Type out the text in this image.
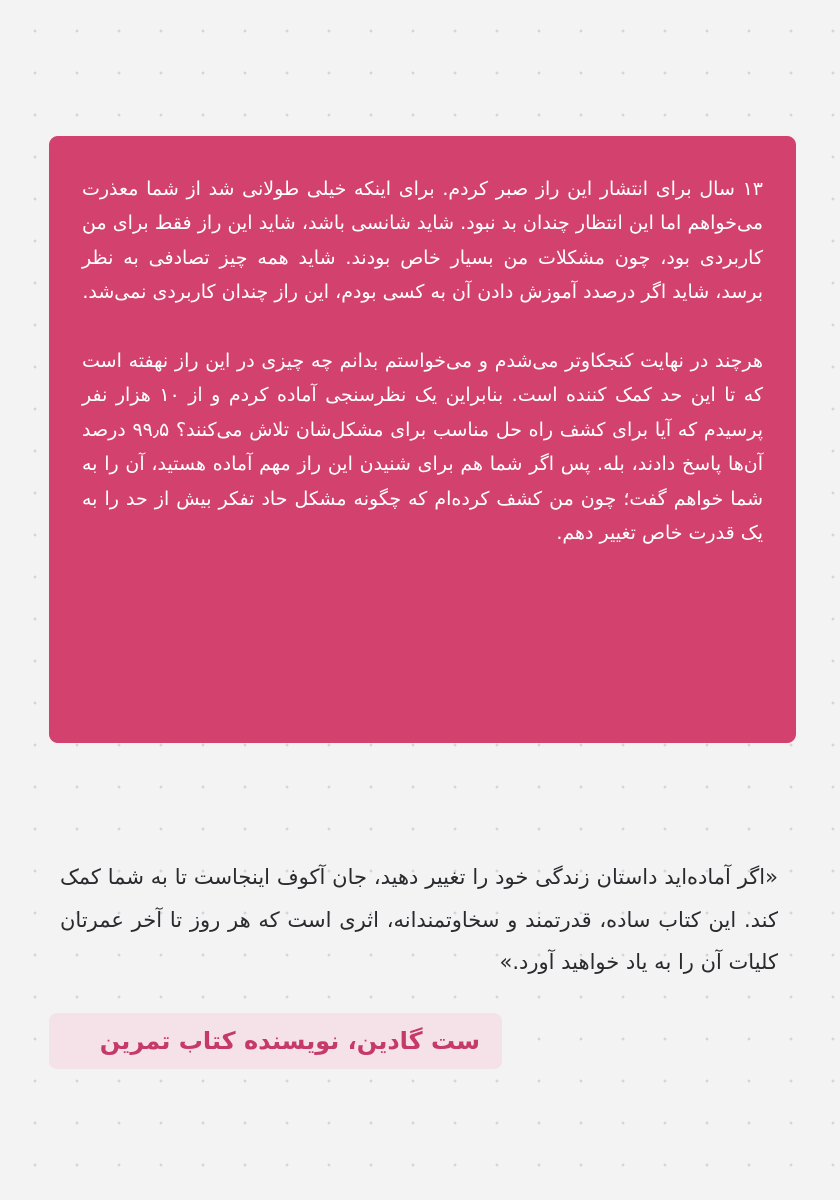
۱۳ سال برای انتشار این راز صبر کردم. برای اینکه خیلی طولانی شد از شما معذرت می‌خواهم اما این انتظار چندان بد نبود. شاید شانسی باشد، شاید این راز فقط برای من کاربردی بود، چون مشکلات من بسیار خاص بودند. شاید همه چیز تصادفی به نظر برسد، شاید اگر درصدد آموزش دادن آن به کسی بودم، این راز چندان کاربردی نمی‌شد.

هرچند در نهایت کنجکاوتر می‌شدم و می‌خواستم بدانم چه چیزی در این راز نهفته است که تا این حد کمک کننده است. بنابراین یک نظرسنجی آماده کردم و از ۱۰ هزار نفر پرسیدم که آیا برای کشف راه حل مناسب برای مشکل‌شان تلاش می‌کنند؟ ۹۹٫۵ درصد آن‌ها پاسخ دادند، بله. پس اگر شما هم برای شنیدن این راز مهم آماده هستید، آن را به شما خواهم گفت؛ چون من کشف کرده‌ام که چگونه مشکل حاد تفکر بیش از حد را به یک قدرت خاص تغییر دهم.

«اگر آماده‌اید داستان زندگی خود را تغییر دهید، جان آکوف اینجاست تا به شما کمک کند. این کتاب ساده، قدرتمند و سخاوتمندانه، اثری است که هر روز تا آخر عمرتان کلیات آن را به یاد خواهید آورد.»

ست گادین، نویسنده کتاب تمرین
